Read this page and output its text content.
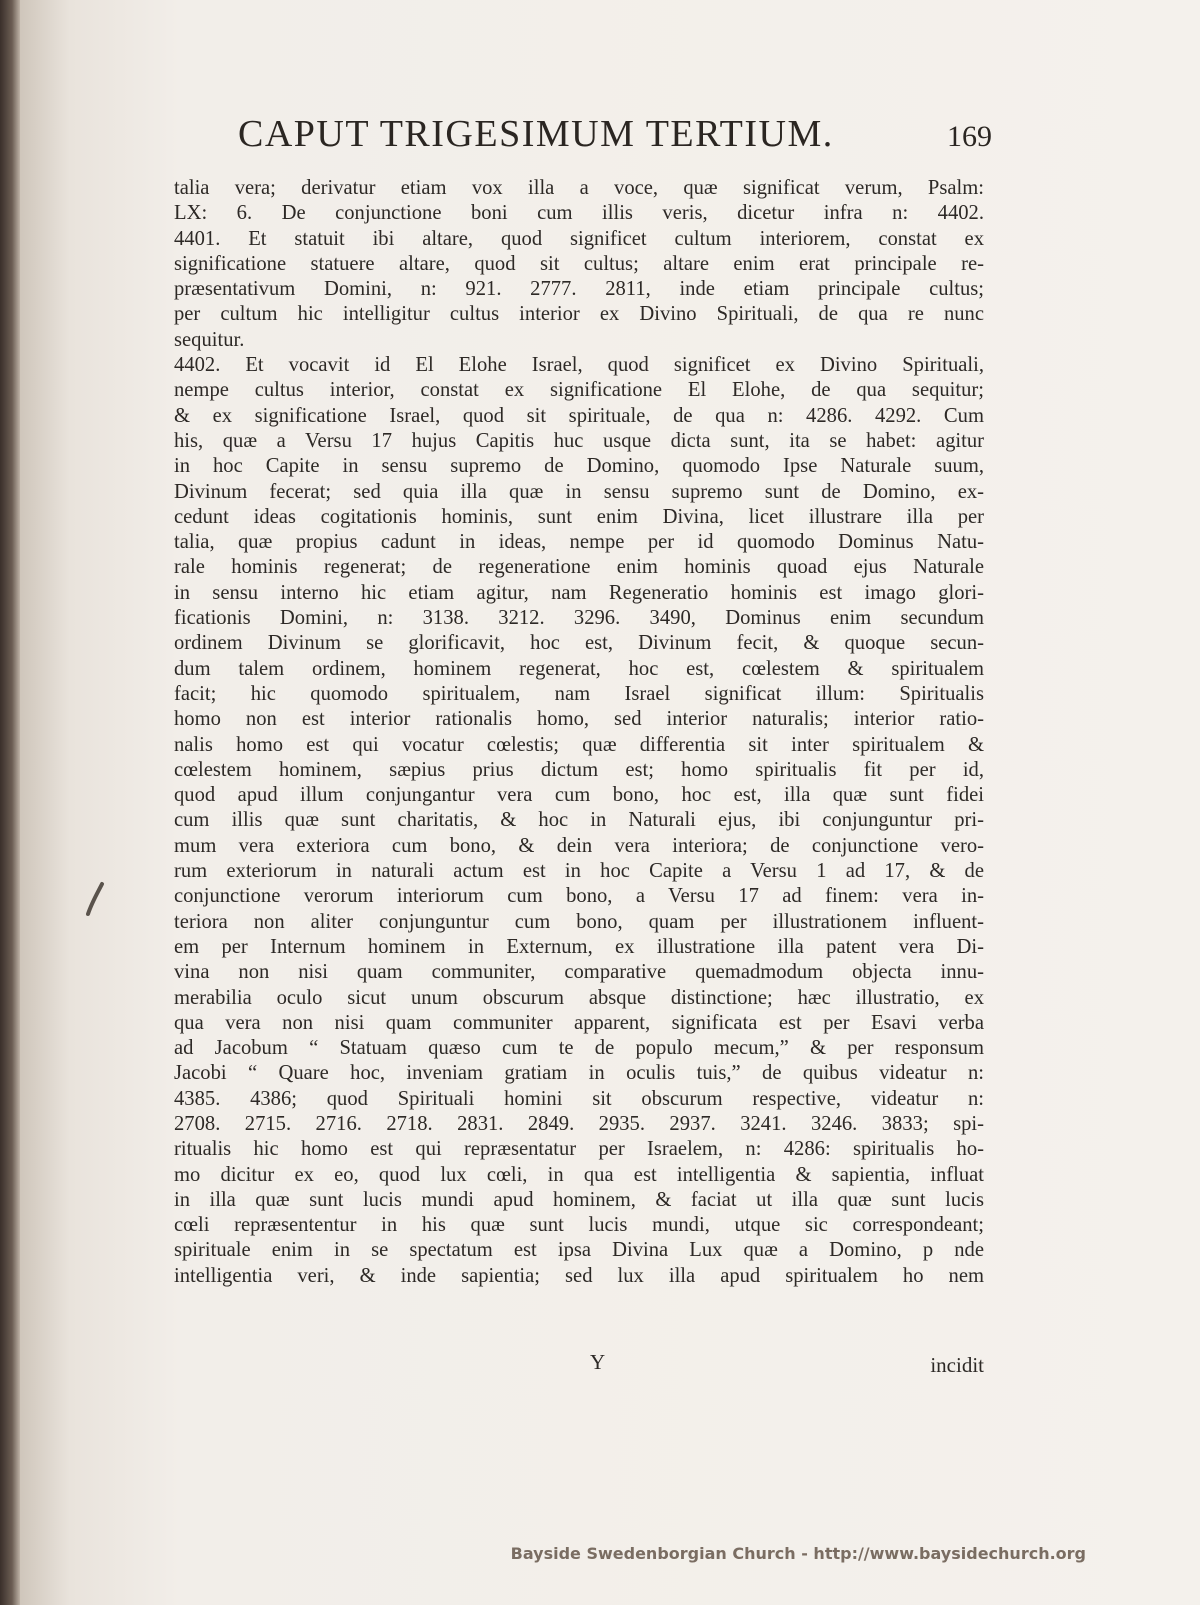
CAPUT TRIGESIMUM TERTIUM.	169
talia vera; derivatur etiam vox illa a voce, quæ significat verum, Psalm:
LX: 6. De conjunctione boni cum illis veris, dicetur infra n: 4402.
4401. Et statuit ibi altare, quod significet cultum interiorem, constat ex
significatione statuere altare, quod sit cultus; altare enim erat principale re-
præsentativum Domini, n: 921. 2777. 2811, inde etiam principale cultus;
per cultum hic intelligitur cultus interior ex Divino Spirituali, de qua re nunc
sequitur.
4402. Et vocavit id El Elohe Israel, quod significet ex Divino Spirituali,
nempe cultus interior, constat ex significatione El Elohe, de qua sequitur;
& ex significatione Israel, quod sit spirituale, de qua n: 4286. 4292. Cum
his, quæ a Versu 17 hujus Capitis huc usque dicta sunt, ita se habet: agitur
in hoc Capite in sensu supremo de Domino, quomodo Ipse Naturale suum,
Divinum fecerat; sed quia illa quæ in sensu supremo sunt de Domino, ex-
cedunt ideas cogitationis hominis, sunt enim Divina, licet illustrare illa per
talia, quæ propius cadunt in ideas, nempe per id quomodo Dominus Natu-
rale hominis regenerat; de regeneratione enim hominis quoad ejus Naturale
in sensu interno hic etiam agitur, nam Regeneratio hominis est imago glori-
ficationis Domini, n: 3138. 3212. 3296. 3490, Dominus enim secundum
ordinem Divinum se glorificavit, hoc est, Divinum fecit, & quoque secun-
dum talem ordinem, hominem regenerat, hoc est, cœlestem & spiritualem
facit; hic quomodo spiritualem, nam Israel significat illum: Spiritualis
homo non est interior rationalis homo, sed interior naturalis; interior ratio-
nalis homo est qui vocatur cœlestis; quæ differentia sit inter spiritualem &
cœlestem hominem, sæpius prius dictum est; homo spiritualis fit per id,
quod apud illum conjungantur vera cum bono, hoc est, illa quæ sunt fidei
cum illis quæ sunt charitatis, & hoc in Naturali ejus, ibi conjunguntur pri-
mum vera exteriora cum bono, & dein vera interiora; de conjunctione vero-
rum exteriorum in naturali actum est in hoc Capite a Versu 1 ad 17, & de
conjunctione verorum interiorum cum bono, a Versu 17 ad finem: vera in-
teriora non aliter conjunguntur cum bono, quam per illustrationem influent-
em per Internum hominem in Externum, ex illustratione illa patent vera Di-
vina non nisi quam communiter, comparative quemadmodum objecta innu-
merabilia oculo sicut unum obscurum absque distinctione; hæc illustratio, ex
qua vera non nisi quam communiter apparent, significata est per Esavi verba
ad Jacobum “ Statuam quæso cum te de populo mecum,” & per responsum
Jacobi “ Quare hoc, inveniam gratiam in oculis tuis,” de quibus videatur n:
4385. 4386; quod Spirituali homini sit obscurum respective, videatur n:
2708. 2715. 2716. 2718. 2831. 2849. 2935. 2937. 3241. 3246. 3833; spi-
ritualis hic homo est qui repræsentatur per Israelem, n: 4286: spiritualis ho-
mo dicitur ex eo, quod lux cœli, in qua est intelligentia & sapientia, influat
in illa quæ sunt lucis mundi apud hominem, & faciat ut illa quæ sunt lucis
cœli repræsententur in his quæ sunt lucis mundi, utque sic correspondeant;
spirituale enim in se spectatum est ipsa Divina Lux quæ a Domino, p nde
intelligentia veri, & inde sapientia; sed lux illa apud spiritualem ho nem
Y	incidit
Bayside Swedenborgian Church - http://www.baysidechurch.org
